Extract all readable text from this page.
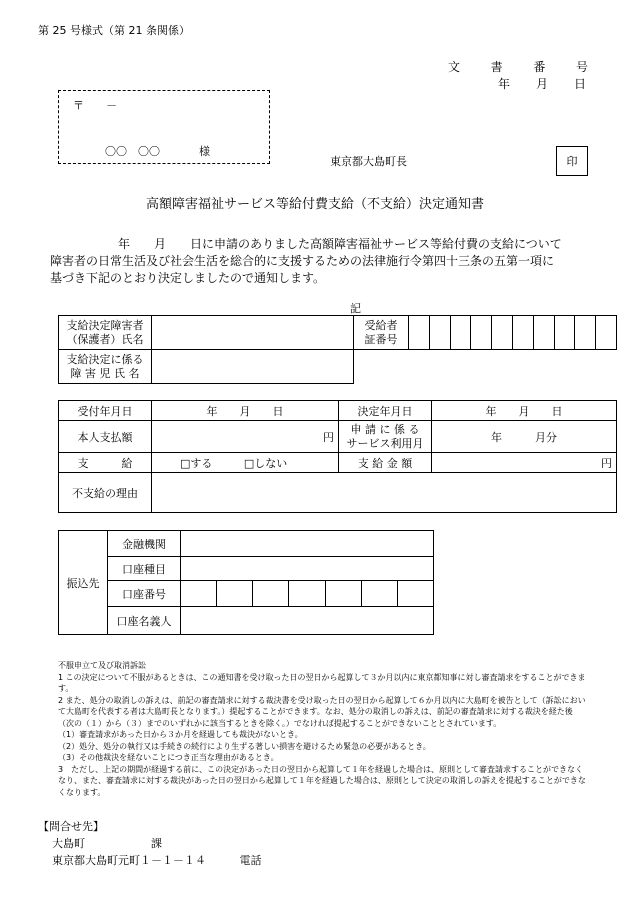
第 25 号様式（第 21 条関係）
文	書	番	号
年 月 日
〒　　－
〇〇　〇〇	様
東京都大島町長	印
高額障害福祉サービス等給付費支給（不支給）決定通知書
年　　月　　日に申請のありました高額障害福祉サービス等給付費の支給について
障害者の日常生活及び社会生活を総合的に支援するための法律施行令第四十三条の五第一項に
基づき下記のとおり決定しましたので通知します。
記
支給決定障害者
（保護者）氏名	

支給決定に係る
障 害 児 氏 名	

受給者
証番号

受付年月日	年　　月　　日	決定年月日	年　　月　　日
本人支払額	円	申 請 に 係 る
サービス利用月	年　　　月分
支　　　給	□する □しない	支 給 金 額	円
不支給の理由			
振込先	金融機関							
	口座種目							
	口座番号							
	口座名義人							

不服申立て及び取消訴訟

1 この決定について不服があるときは、この通知書を受け取った日の翌日から起算して３か月以内に東京都知事に対し審査請求をすることができます。

2 また、処分の取消しの訴えは、前記の審査請求に対する裁決書を受け取った日の翌日から起算して６か月以内に大島町を被告として（訴訟において大島町を代表する者は大島町長となります。）提起することができます。なお、処分の取消しの訴えは、前記の審査請求に対する裁決を経た後（次の（１）から（３）までのいずれかに該当するときを除く。）でなければ提起することができないこととされています。

（1）審査請求があった日から３か月を経過しても裁決がないとき。

（2）処分、処分の執行又は手続きの続行により生ずる著しい損害を避けるため緊急の必要があるとき。

（3）その他裁決を経ないことにつき正当な理由があるとき。

3　ただし、上記の期間が経過する前に、この決定があった日の翌日から起算して１年を経過した場合は、原則として審査請求することができなくなり、また、審査請求に対する裁決があった日の翌日から起算して１年を経過した場合は、原則として決定の取消しの訴えを提起することができなくなります。

【問合せ先】
大島町　　　　　　課
東京都大島町元町１－１－１４	電話
